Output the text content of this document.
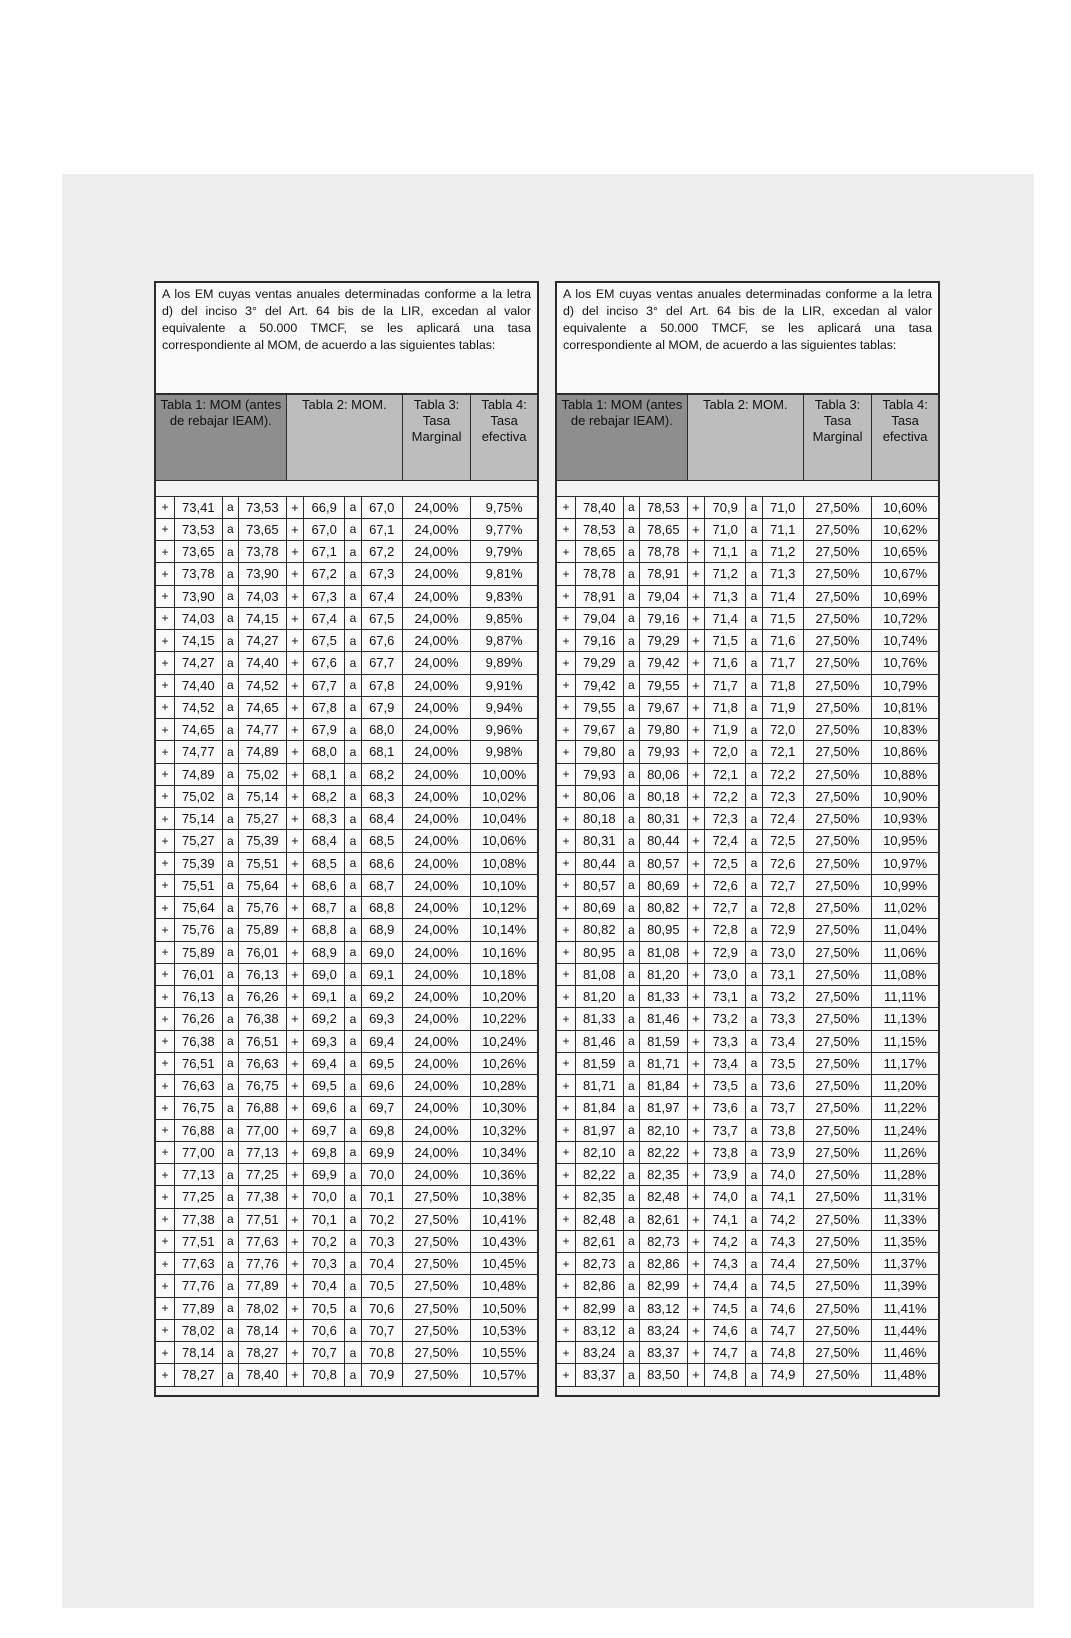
A los EM cuyas ventas anuales determinadas conforme a la letra d) del inciso 3° del Art. 64 bis de la LIR, excedan al valor equivalente a 50.000 TMCF, se les aplicará una tasa correspondiente al MOM, de acuerdo a las siguientes tablas:
Tabla 1: MOM (antes de rebajar IEAM).				Tabla 2: MOM.				Tabla 3: Tasa Marginal	Tabla 4: Tasa efectiva

+	73,41	a	73,53	+	66,9	a	67,0	24,00%	9,75%
+	73,53	a	73,65	+	67,0	a	67,1	24,00%	9,77%
+	73,65	a	73,78	+	67,1	a	67,2	24,00%	9,79%
+	73,78	a	73,90	+	67,2	a	67,3	24,00%	9,81%
+	73,90	a	74,03	+	67,3	a	67,4	24,00%	9,83%
+	74,03	a	74,15	+	67,4	a	67,5	24,00%	9,85%
+	74,15	a	74,27	+	67,5	a	67,6	24,00%	9,87%
+	74,27	a	74,40	+	67,6	a	67,7	24,00%	9,89%
+	74,40	a	74,52	+	67,7	a	67,8	24,00%	9,91%
+	74,52	a	74,65	+	67,8	a	67,9	24,00%	9,94%
+	74,65	a	74,77	+	67,9	a	68,0	24,00%	9,96%
+	74,77	a	74,89	+	68,0	a	68,1	24,00%	9,98%
+	74,89	a	75,02	+	68,1	a	68,2	24,00%	10,00%
+	75,02	a	75,14	+	68,2	a	68,3	24,00%	10,02%
+	75,14	a	75,27	+	68,3	a	68,4	24,00%	10,04%
+	75,27	a	75,39	+	68,4	a	68,5	24,00%	10,06%
+	75,39	a	75,51	+	68,5	a	68,6	24,00%	10,08%
+	75,51	a	75,64	+	68,6	a	68,7	24,00%	10,10%
+	75,64	a	75,76	+	68,7	a	68,8	24,00%	10,12%
+	75,76	a	75,89	+	68,8	a	68,9	24,00%	10,14%
+	75,89	a	76,01	+	68,9	a	69,0	24,00%	10,16%
+	76,01	a	76,13	+	69,0	a	69,1	24,00%	10,18%
+	76,13	a	76,26	+	69,1	a	69,2	24,00%	10,20%
+	76,26	a	76,38	+	69,2	a	69,3	24,00%	10,22%
+	76,38	a	76,51	+	69,3	a	69,4	24,00%	10,24%
+	76,51	a	76,63	+	69,4	a	69,5	24,00%	10,26%
+	76,63	a	76,75	+	69,5	a	69,6	24,00%	10,28%
+	76,75	a	76,88	+	69,6	a	69,7	24,00%	10,30%
+	76,88	a	77,00	+	69,7	a	69,8	24,00%	10,32%
+	77,00	a	77,13	+	69,8	a	69,9	24,00%	10,34%
+	77,13	a	77,25	+	69,9	a	70,0	24,00%	10,36%
+	77,25	a	77,38	+	70,0	a	70,1	27,50%	10,38%
+	77,38	a	77,51	+	70,1	a	70,2	27,50%	10,41%
+	77,51	a	77,63	+	70,2	a	70,3	27,50%	10,43%
+	77,63	a	77,76	+	70,3	a	70,4	27,50%	10,45%
+	77,76	a	77,89	+	70,4	a	70,5	27,50%	10,48%
+	77,89	a	78,02	+	70,5	a	70,6	27,50%	10,50%
+	78,02	a	78,14	+	70,6	a	70,7	27,50%	10,53%
+	78,14	a	78,27	+	70,7	a	70,8	27,50%	10,55%
+	78,27	a	78,40	+	70,8	a	70,9	27,50%	10,57%
A los EM cuyas ventas anuales determinadas conforme a la letra d) del inciso 3° del Art. 64 bis de la LIR, excedan al valor equivalente a 50.000 TMCF, se les aplicará una tasa correspondiente al MOM, de acuerdo a las siguientes tablas:
Tabla 1: MOM (antes de rebajar IEAM).				Tabla 2: MOM.				Tabla 3: Tasa Marginal	Tabla 4: Tasa efectiva

+	78,40	a	78,53	+	70,9	a	71,0	27,50%	10,60%
+	78,53	a	78,65	+	71,0	a	71,1	27,50%	10,62%
+	78,65	a	78,78	+	71,1	a	71,2	27,50%	10,65%
+	78,78	a	78,91	+	71,2	a	71,3	27,50%	10,67%
+	78,91	a	79,04	+	71,3	a	71,4	27,50%	10,69%
+	79,04	a	79,16	+	71,4	a	71,5	27,50%	10,72%
+	79,16	a	79,29	+	71,5	a	71,6	27,50%	10,74%
+	79,29	a	79,42	+	71,6	a	71,7	27,50%	10,76%
+	79,42	a	79,55	+	71,7	a	71,8	27,50%	10,79%
+	79,55	a	79,67	+	71,8	a	71,9	27,50%	10,81%
+	79,67	a	79,80	+	71,9	a	72,0	27,50%	10,83%
+	79,80	a	79,93	+	72,0	a	72,1	27,50%	10,86%
+	79,93	a	80,06	+	72,1	a	72,2	27,50%	10,88%
+	80,06	a	80,18	+	72,2	a	72,3	27,50%	10,90%
+	80,18	a	80,31	+	72,3	a	72,4	27,50%	10,93%
+	80,31	a	80,44	+	72,4	a	72,5	27,50%	10,95%
+	80,44	a	80,57	+	72,5	a	72,6	27,50%	10,97%
+	80,57	a	80,69	+	72,6	a	72,7	27,50%	10,99%
+	80,69	a	80,82	+	72,7	a	72,8	27,50%	11,02%
+	80,82	a	80,95	+	72,8	a	72,9	27,50%	11,04%
+	80,95	a	81,08	+	72,9	a	73,0	27,50%	11,06%
+	81,08	a	81,20	+	73,0	a	73,1	27,50%	11,08%
+	81,20	a	81,33	+	73,1	a	73,2	27,50%	11,11%
+	81,33	a	81,46	+	73,2	a	73,3	27,50%	11,13%
+	81,46	a	81,59	+	73,3	a	73,4	27,50%	11,15%
+	81,59	a	81,71	+	73,4	a	73,5	27,50%	11,17%
+	81,71	a	81,84	+	73,5	a	73,6	27,50%	11,20%
+	81,84	a	81,97	+	73,6	a	73,7	27,50%	11,22%
+	81,97	a	82,10	+	73,7	a	73,8	27,50%	11,24%
+	82,10	a	82,22	+	73,8	a	73,9	27,50%	11,26%
+	82,22	a	82,35	+	73,9	a	74,0	27,50%	11,28%
+	82,35	a	82,48	+	74,0	a	74,1	27,50%	11,31%
+	82,48	a	82,61	+	74,1	a	74,2	27,50%	11,33%
+	82,61	a	82,73	+	74,2	a	74,3	27,50%	11,35%
+	82,73	a	82,86	+	74,3	a	74,4	27,50%	11,37%
+	82,86	a	82,99	+	74,4	a	74,5	27,50%	11,39%
+	82,99	a	83,12	+	74,5	a	74,6	27,50%	11,41%
+	83,12	a	83,24	+	74,6	a	74,7	27,50%	11,44%
+	83,24	a	83,37	+	74,7	a	74,8	27,50%	11,46%
+	83,37	a	83,50	+	74,8	a	74,9	27,50%	11,48%
